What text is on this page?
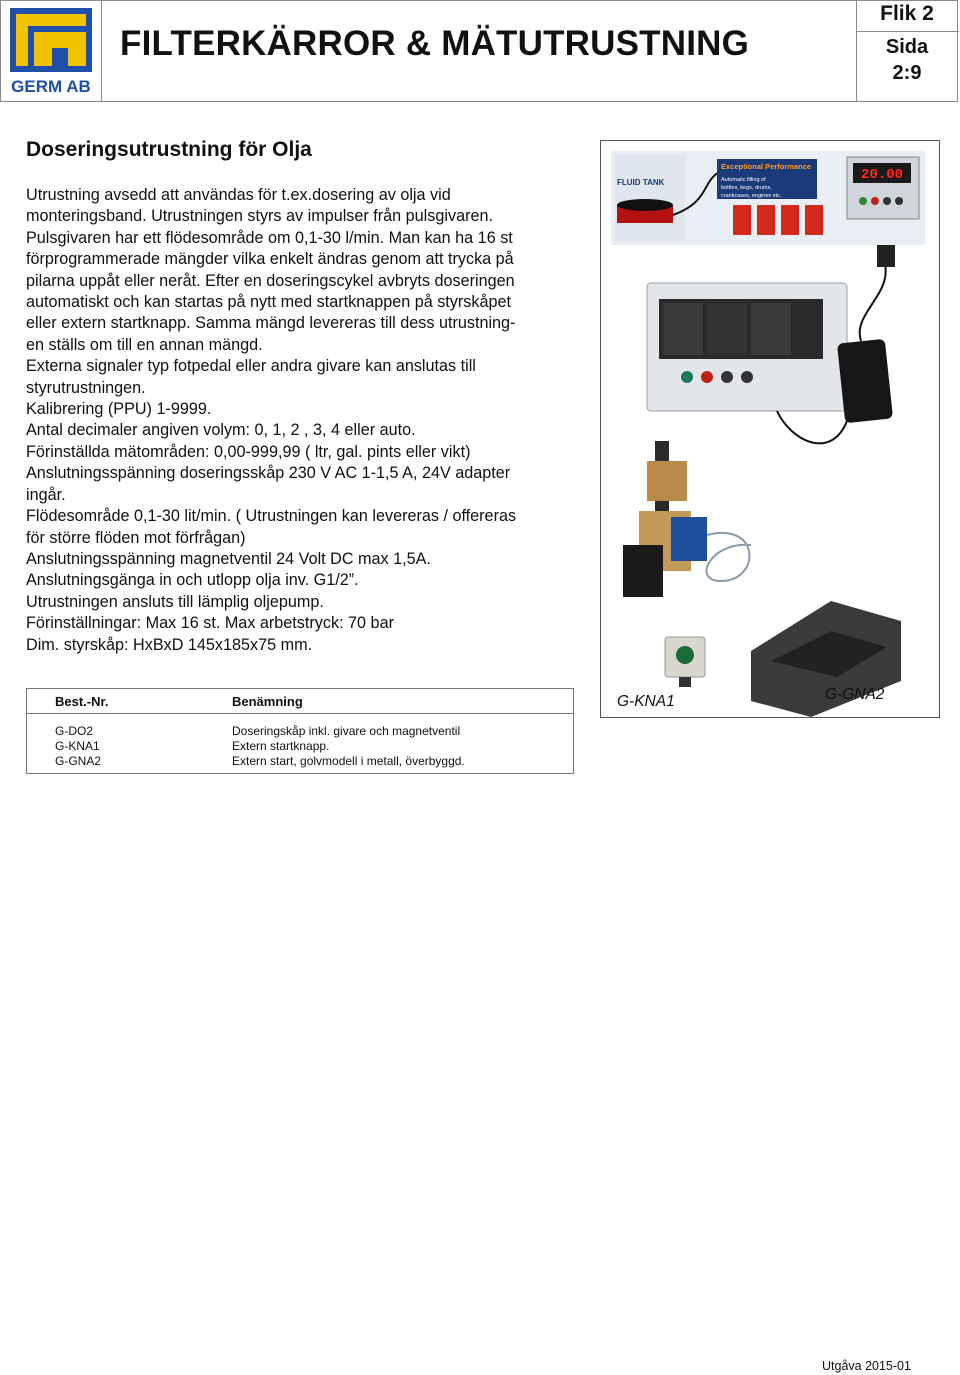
GERM AB
FILTERKÄRROR & MÄTUTRUSTNING
Flik 2
Sida
2:9
Doseringsutrustning för Olja
Utrustning avsedd att användas för t.ex.dosering av olja vid
monteringsband. Utrustningen styrs av impulser från pulsgivaren.
Pulsgivaren har ett flödesområde om 0,1-30 l/min. Man kan ha 16 st
förprogrammerade mängder vilka enkelt ändras genom att trycka på
pilarna uppåt eller neråt. Efter en doseringscykel avbryts doseringen
automatiskt och kan startas på nytt med startknappen på styrskåpet
eller extern startknapp. Samma mängd levereras till dess utrustning-
en ställs om till en annan mängd.
Externa signaler typ fotpedal eller andra givare kan anslutas till
styrutrustningen.
Kalibrering (PPU) 1-9999.
Antal decimaler angiven volym: 0, 1, 2 , 3, 4 eller auto.
Förinställda mätområden: 0,00-999,99 ( ltr, gal. pints eller vikt)
Anslutningsspänning doseringsskåp 230 V AC 1-1,5 A, 24V adapter
ingår.
Flödesområde 0,1-30 lit/min. ( Utrustningen kan levereras / offereras
för större flöden mot förfrågan)
Anslutningsspänning magnetventil 24 Volt DC max 1,5A.
Anslutningsgänga in och utlopp olja inv. G1/2”.
Utrustningen ansluts till lämplig oljepump.
Förinställningar: Max 16 st. Max arbetstryck: 70 bar
Dim. styrskåp: HxBxD 145x185x75 mm.
FLUID TANK
Exceptional Performance
Automatic filling of
bottles, kegs, drums,
crankcases, engines etc.
20.00
G-KNA1	G-GNA2
Best.-Nr.	Benämning
G-DO2	Doseringskåp inkl. givare och magnetventil
G-KNA1	Extern startknapp.
G-GNA2	Extern start, golvmodell i metall, överbyggd.
Utgåva 2015-01
